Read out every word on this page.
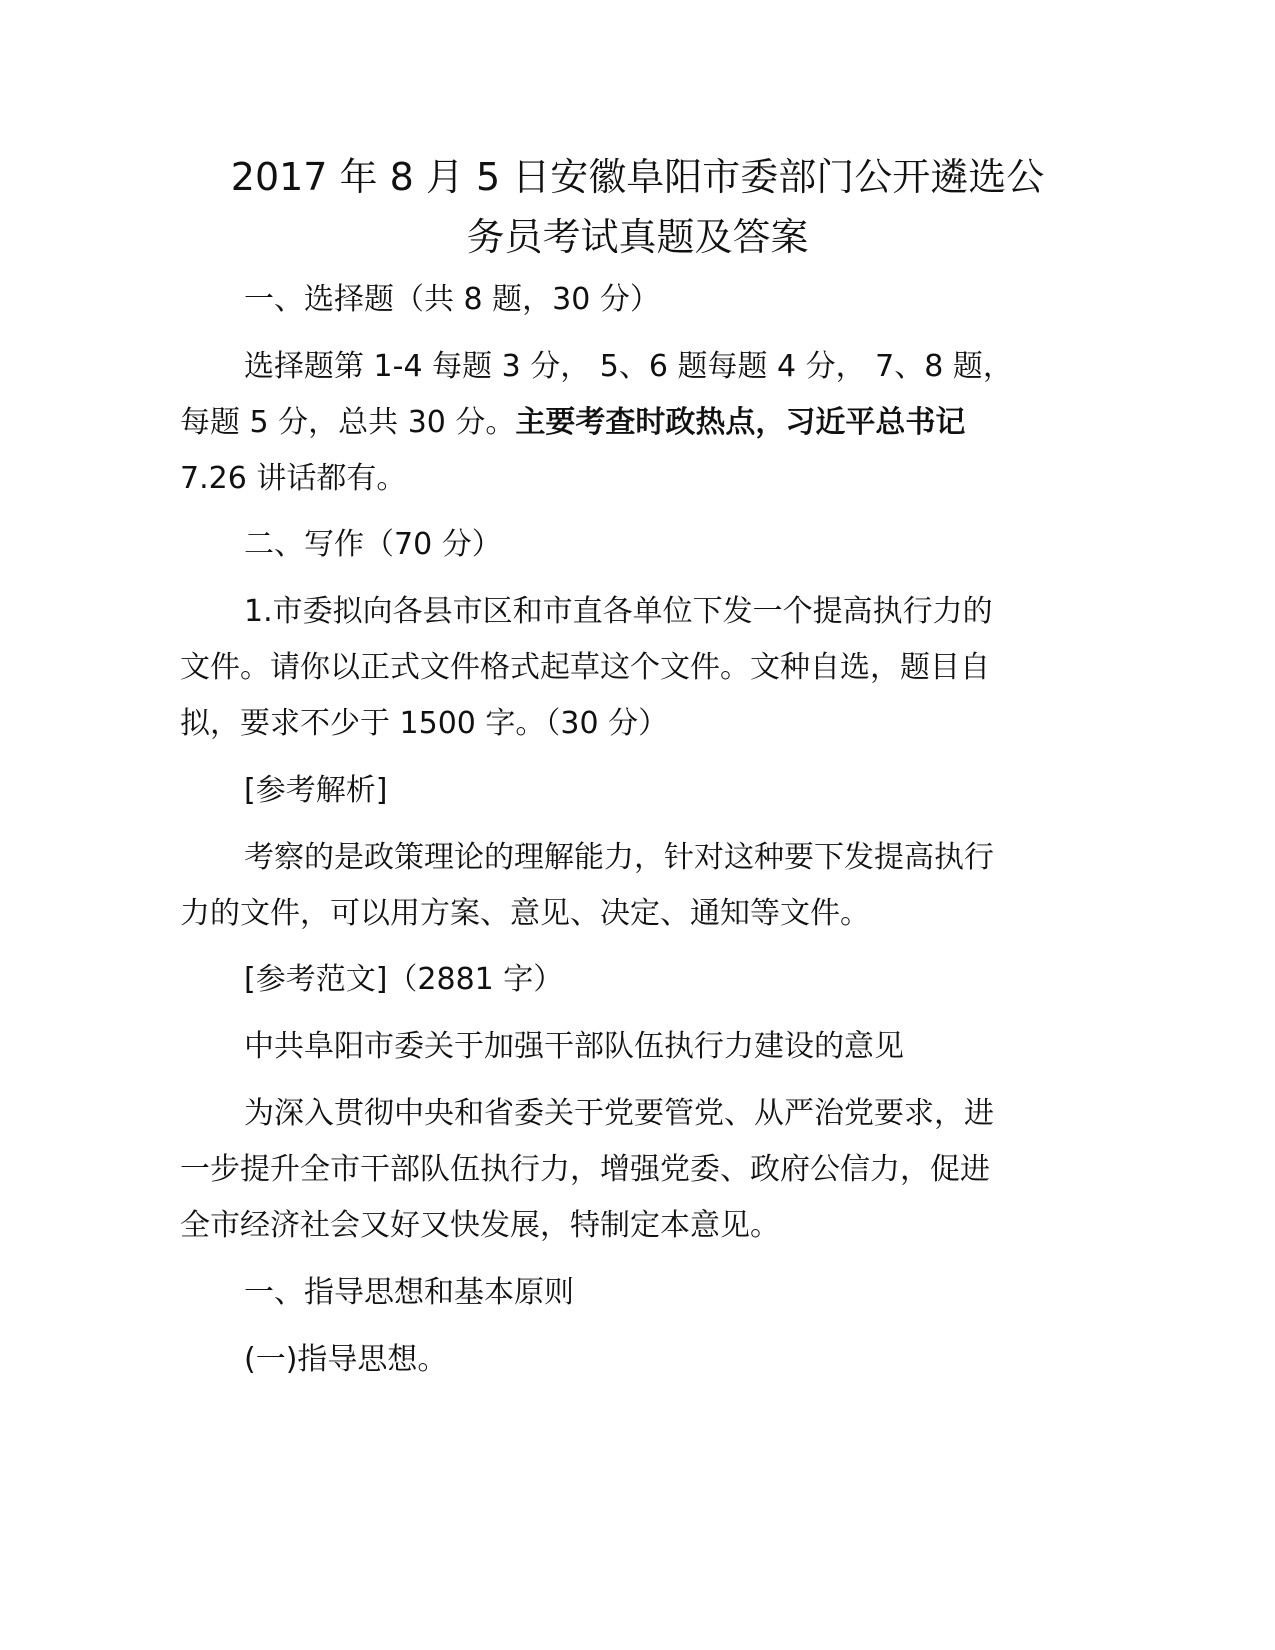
2017 年 8 月 5 日安徽阜阳市委部门公开遴选公
务员考试真题及答案
一、选择题（共 8 题，30 分）
选择题第 1-4 每题 3 分， 5、6 题每题 4 分， 7、8 题，
每题 5 分，总共 30 分。主要考查时政热点，习近平总书记
7.26 讲话都有。
二、写作（70 分）
1.市委拟向各县市区和市直各单位下发一个提高执行力的
文件。请你以正式文件格式起草这个文件。文种自选，题目自
拟，要求不少于 1500 字。（30 分）
[参考解析]
考察的是政策理论的理解能力，针对这种要下发提高执行
力的文件，可以用方案、意见、决定、通知等文件。
[参考范文]（2881 字）
中共阜阳市委关于加强干部队伍执行力建设的意见
为深入贯彻中央和省委关于党要管党、从严治党要求，进
一步提升全市干部队伍执行力，增强党委、政府公信力，促进
全市经济社会又好又快发展，特制定本意见。
一、指导思想和基本原则
(一)指导思想。
